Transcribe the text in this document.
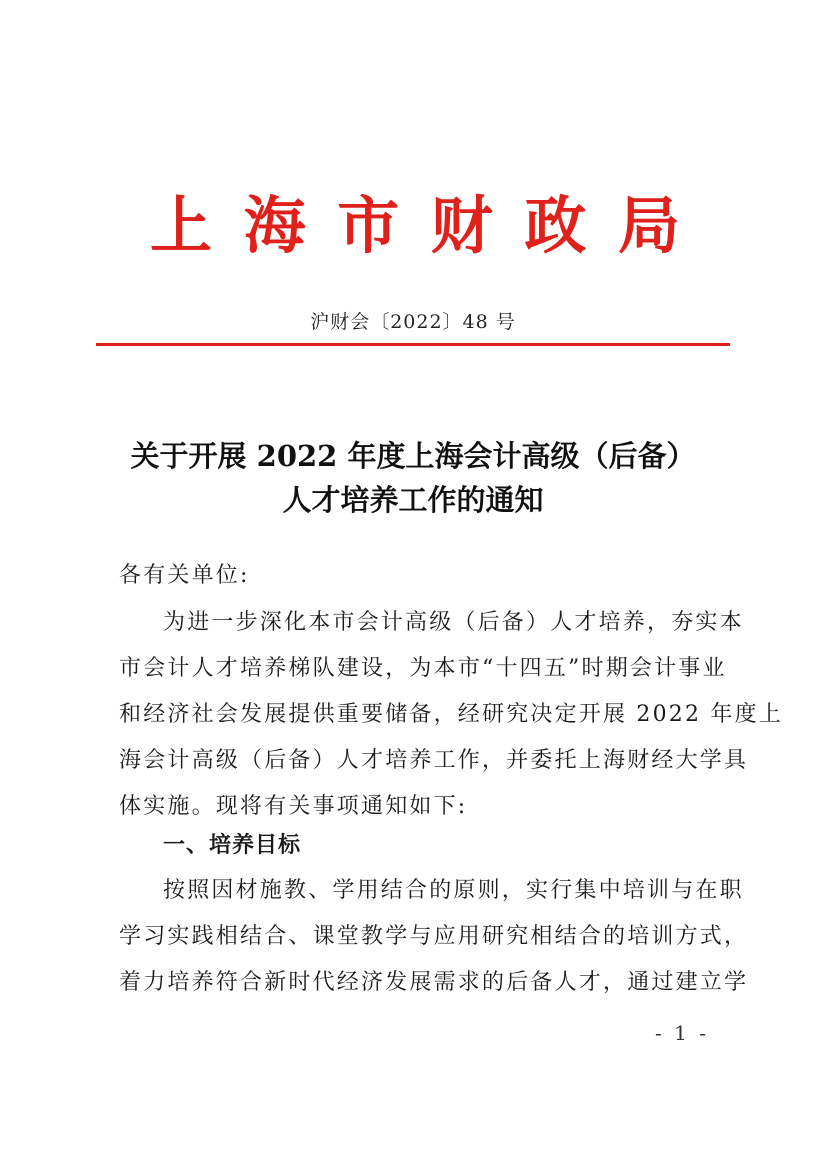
上 海 市 财 政 局
沪财会〔2022〕48 号
关于开展 2022 年度上海会计高级（后备）
人才培养工作的通知
各有关单位:
为进一步深化本市会计高级（后备）人才培养，夯实本
市会计人才培养梯队建设，为本市“十四五”时期会计事业
和经济社会发展提供重要储备，经研究决定开展 2022 年度上
海会计高级（后备）人才培养工作，并委托上海财经大学具
体实施。现将有关事项通知如下:
一、培养目标
按照因材施教、学用结合的原则，实行集中培训与在职
学习实践相结合、课堂教学与应用研究相结合的培训方式，
着力培养符合新时代经济发展需求的后备人才，通过建立学
- 1 -
